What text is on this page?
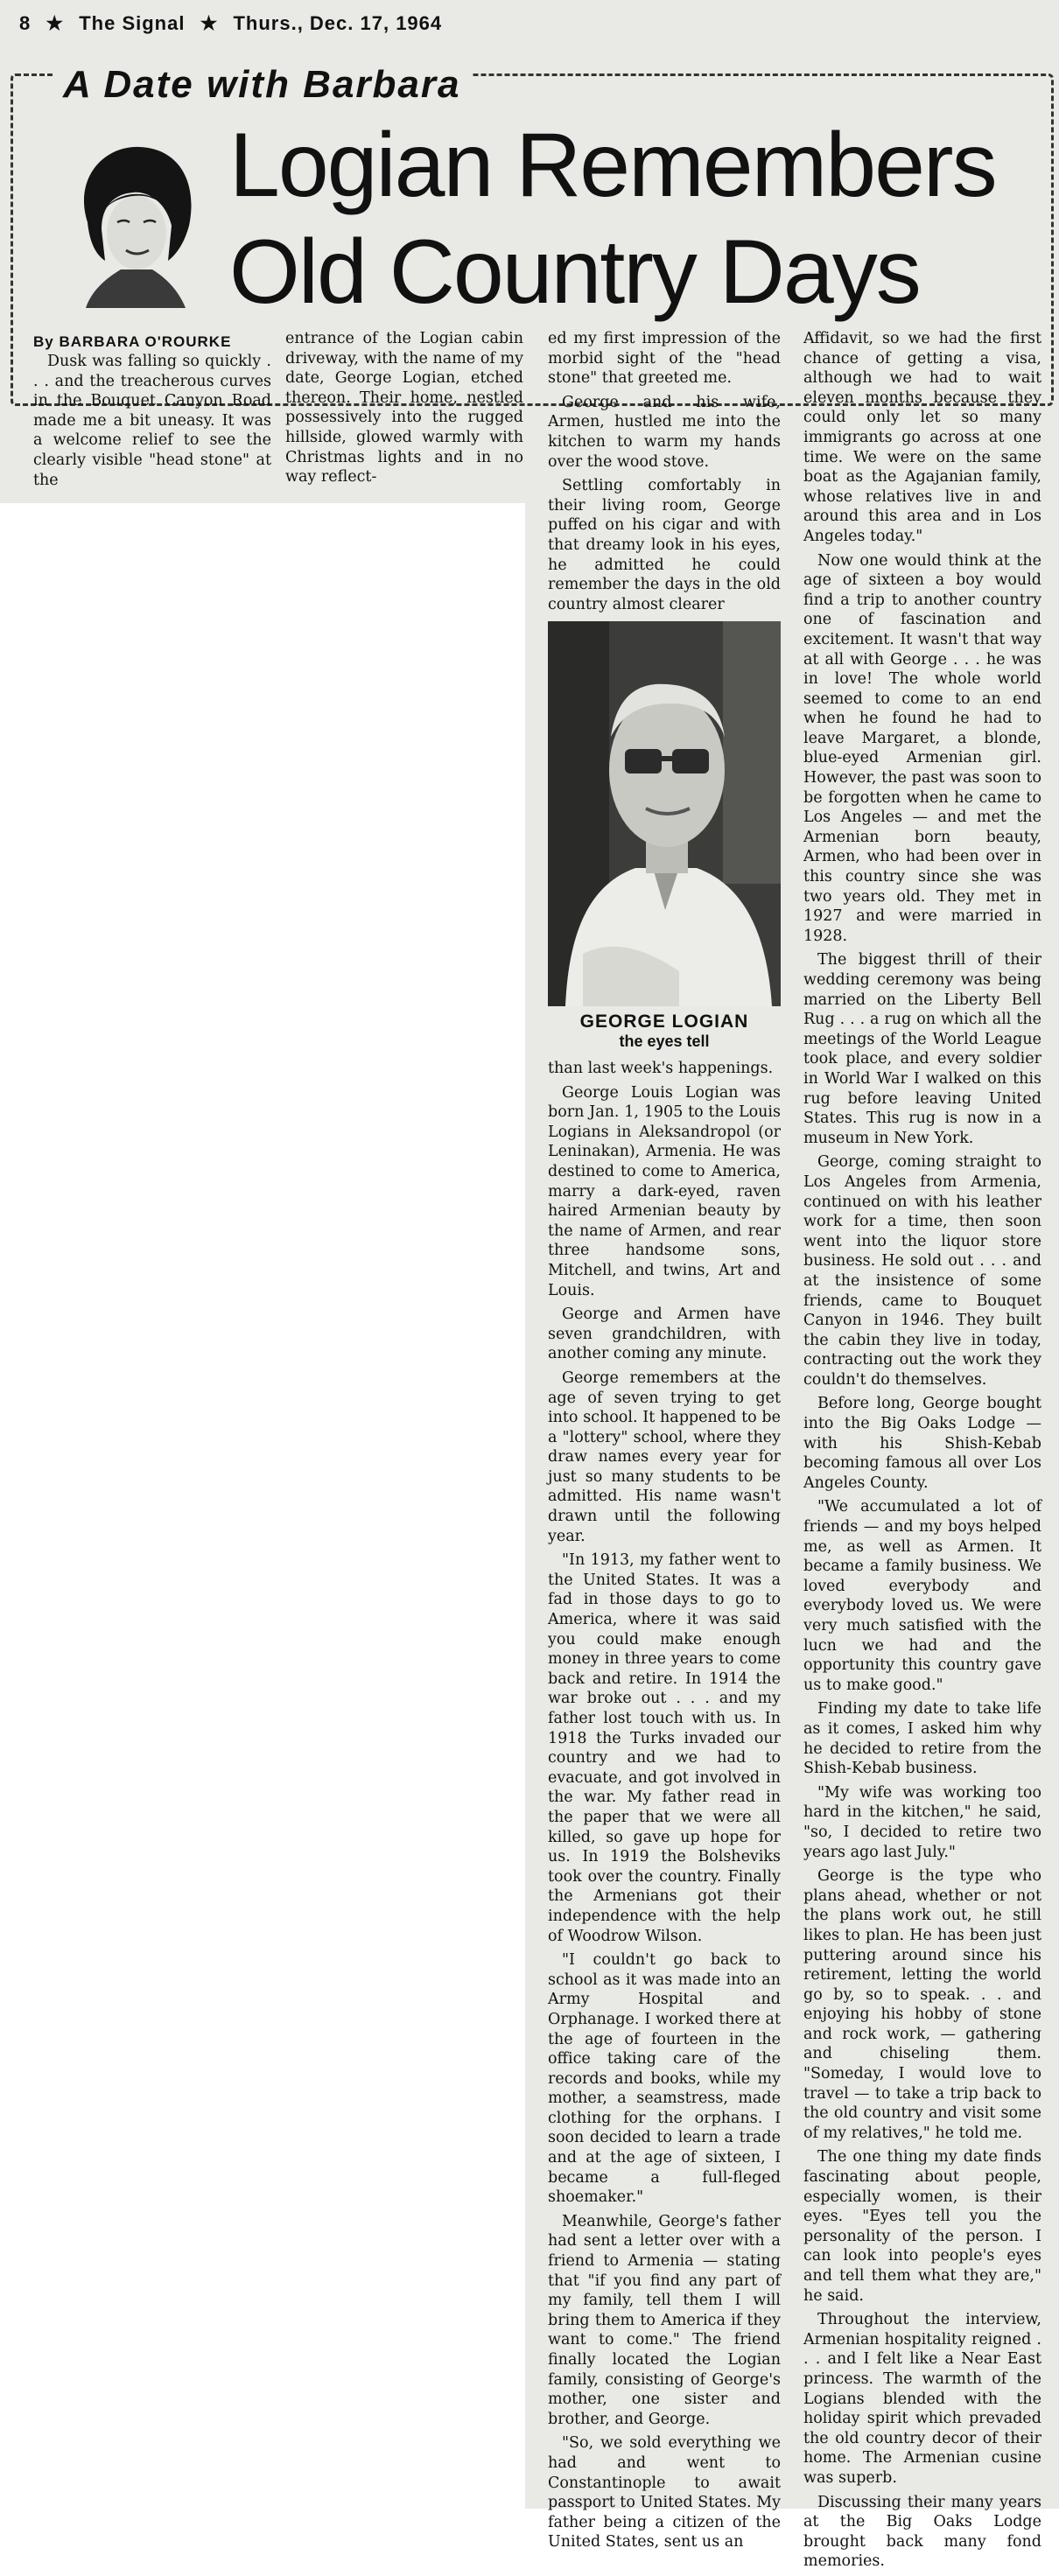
8 ★ The Signal ★ Thurs., Dec. 17, 1964
A Date with Barbara
Logian Remembers
Old Country Days
By BARBARA O'ROURKE

Dusk was falling so quickly . . . and the treacherous curves in the Bouquet Canyon Road made me a bit uneasy. It was a welcome relief to see the clearly visible "head stone" at the

entrance of the Logian cabin driveway, with the name of my date, George Logian, etched thereon. Their home, nestled possessively into the rugged hillside, glowed warmly with Christmas lights and in no way reflect-

ed my first impression of the morbid sight of the "head stone" that greeted me.

George and his wife, Armen, hustled me into the kitchen to warm my hands over the wood stove.

Settling comfortably in their living room, George puffed on his cigar and with that dreamy look in his eyes, he admitted he could remember the days in the old country almost clearer

GEORGE LOGIAN
the eyes tell

than last week's happenings.

George Louis Logian was born Jan. 1, 1905 to the Louis Logians in Aleksandropol (or Leninakan), Armenia. He was destined to come to America, marry a dark-eyed, raven haired Armenian beauty by the name of Armen, and rear three handsome sons, Mitchell, and twins, Art and Louis.

George and Armen have seven grandchildren, with another coming any minute.

George remembers at the age of seven trying to get into school. It happened to be a "lottery" school, where they draw names every year for just so many students to be admitted. His name wasn't drawn until the following year.

"In 1913, my father went to the United States. It was a fad in those days to go to America, where it was said you could make enough money in three years to come back and retire. In 1914 the war broke out . . . and my father lost touch with us. In 1918 the Turks invaded our country and we had to evacuate, and got involved in the war. My father read in the paper that we were all killed, so gave up hope for us. In 1919 the Bolsheviks took over the country. Finally the Armenians got their independence with the help of Woodrow Wilson.

"I couldn't go back to school as it was made into an Army Hospital and Orphanage. I worked there at the age of fourteen in the office taking care of the records and books, while my mother, a seamstress, made clothing for the orphans. I soon decided to learn a trade and at the age of sixteen, I became a full-fleged shoemaker."

Meanwhile, George's father had sent a letter over with a friend to Armenia — stating that "if you find any part of my family, tell them I will bring them to America if they want to come." The friend finally located the Logian family, consisting of George's mother, one sister and brother, and George.

"So, we sold everything we had and went to Constantinople to await passport to United States. My father being a citizen of the United States, sent us an

Affidavit, so we had the first chance of getting a visa, although we had to wait eleven months because they could only let so many immigrants go across at one time. We were on the same boat as the Agajanian family, whose relatives live in and around this area and in Los Angeles today."

Now one would think at the age of sixteen a boy would find a trip to another country one of fascination and excitement. It wasn't that way at all with George . . . he was in love! The whole world seemed to come to an end when he found he had to leave Margaret, a blonde, blue-eyed Armenian girl. However, the past was soon to be forgotten when he came to Los Angeles — and met the Armenian born beauty, Armen, who had been over in this country since she was two years old. They met in 1927 and were married in 1928.

The biggest thrill of their wedding ceremony was being married on the Liberty Bell Rug . . . a rug on which all the meetings of the World League took place, and every soldier in World War I walked on this rug before leaving United States. This rug is now in a museum in New York.

George, coming straight to Los Angeles from Armenia, continued on with his leather work for a time, then soon went into the liquor store business. He sold out . . . and at the insistence of some friends, came to Bouquet Canyon in 1946. They built the cabin they live in today, contracting out the work they couldn't do themselves.

Before long, George bought into the Big Oaks Lodge — with his Shish-Kebab becoming famous all over Los Angeles County.

"We accumulated a lot of friends — and my boys helped me, as well as Armen. It became a family business. We loved everybody and everybody loved us. We were very much satisfied with the lucn we had and the opportunity this country gave us to make good."

Finding my date to take life as it comes, I asked him why he decided to retire from the Shish-Kebab business.

"My wife was working too hard in the kitchen," he said, "so, I decided to retire two years ago last July."

George is the type who plans ahead, whether or not the plans work out, he still likes to plan. He has been just puttering around since his retirement, letting the world go by, so to speak. . . and enjoying his hobby of stone and rock work, — gathering and chiseling them. "Someday, I would love to travel — to take a trip back to the old country and visit some of my relatives," he told me.

The one thing my date finds fascinating about people, especially women, is their eyes. "Eyes tell you the personality of the person. I can look into people's eyes and tell them what they are," he said.

Throughout the interview, Armenian hospitality reigned . . . and I felt like a Near East princess. The warmth of the Logians blended with the holiday spirit which prevaded the old country decor of their home. The Armenian cusine was superb.

Discussing their many years at the Big Oaks Lodge brought back many fond memories.
